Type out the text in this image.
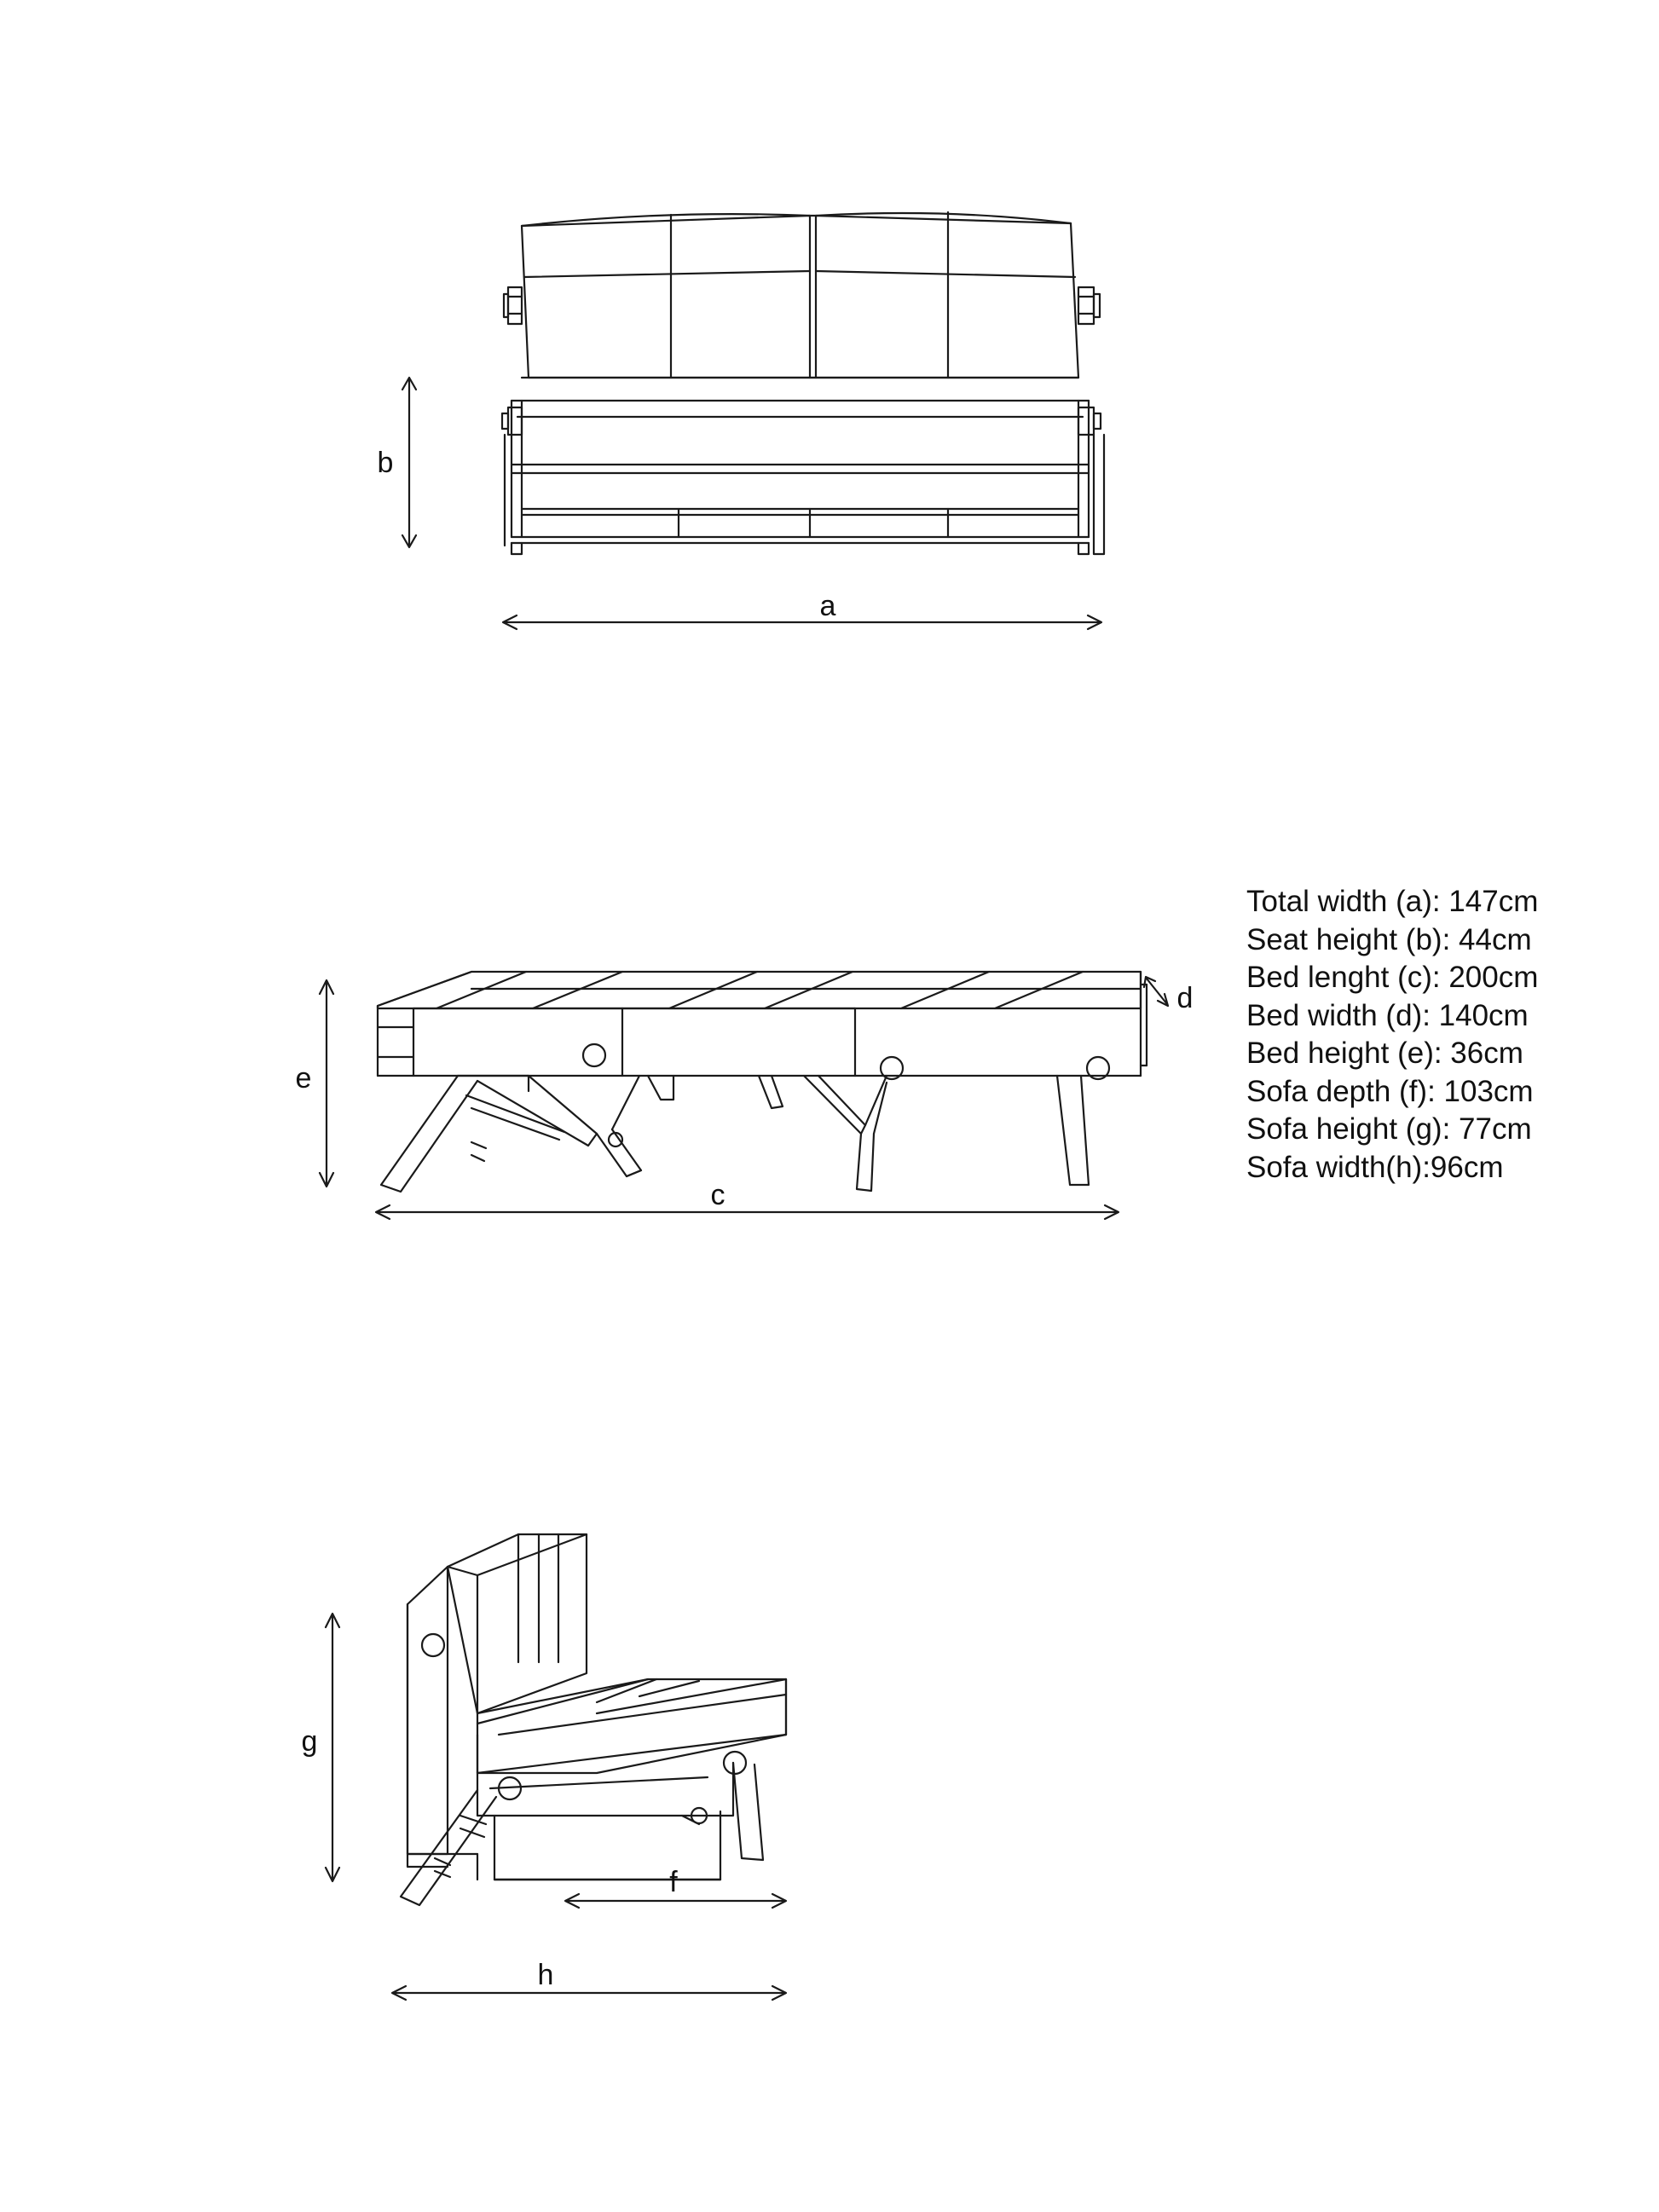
b
a
e
d
c
g
f
h
Total width (a): 147cm
Seat height (b): 44cm
Bed lenght (c): 200cm
Bed width (d): 140cm
Bed height (e): 36cm
Sofa depth (f): 103cm
Sofa height (g): 77cm
Sofa width(h):96cm
